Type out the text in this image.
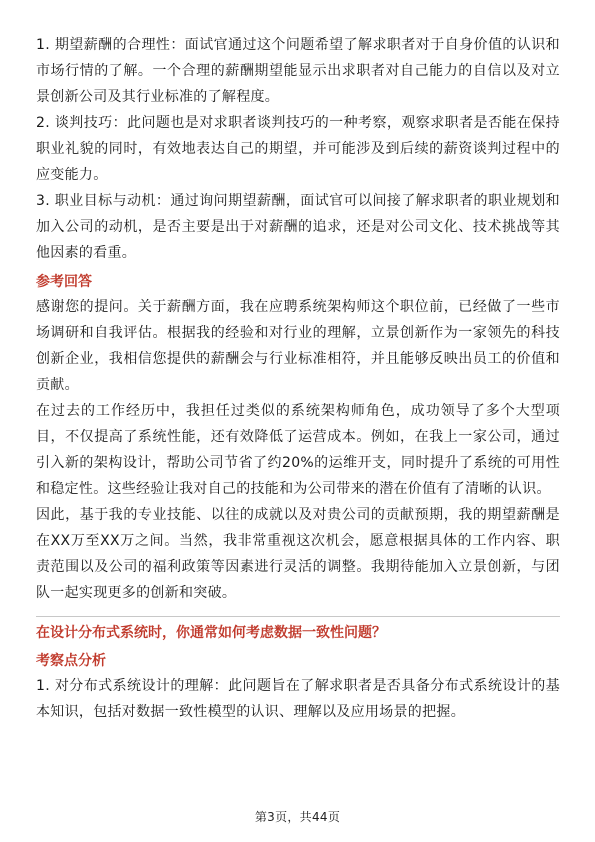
1. 期望薪酬的合理性：面试官通过这个问题希望了解求职者对于自身价值的认识和市场行情的了解。一个合理的薪酬期望能显示出求职者对自己能力的自信以及对立景创新公司及其行业标准的了解程度。

2. 谈判技巧：此问题也是对求职者谈判技巧的一种考察，观察求职者是否能在保持职业礼貌的同时，有效地表达自己的期望，并可能涉及到后续的薪资谈判过程中的应变能力。

3. 职业目标与动机：通过询问期望薪酬，面试官可以间接了解求职者的职业规划和加入公司的动机，是否主要是出于对薪酬的追求，还是对公司文化、技术挑战等其他因素的看重。

参考回答

感谢您的提问。关于薪酬方面，我在应聘系统架构师这个职位前，已经做了一些市场调研和自我评估。根据我的经验和对行业的理解，立景创新作为一家领先的科技创新企业，我相信您提供的薪酬会与行业标准相符，并且能够反映出员工的价值和贡献。

在过去的工作经历中，我担任过类似的系统架构师角色，成功领导了多个大型项目，不仅提高了系统性能，还有效降低了运营成本。例如，在我上一家公司，通过引入新的架构设计，帮助公司节省了约20%的运维开支，同时提升了系统的可用性和稳定性。这些经验让我对自己的技能和为公司带来的潜在价值有了清晰的认识。

因此，基于我的专业技能、以往的成就以及对贵公司的贡献预期，我的期望薪酬是在XX万至XX万之间。当然，我非常重视这次机会，愿意根据具体的工作内容、职责范围以及公司的福利政策等因素进行灵活的调整。我期待能加入立景创新，与团队一起实现更多的创新和突破。

在设计分布式系统时，你通常如何考虑数据一致性问题？
考察点分析

1. 对分布式系统设计的理解：此问题旨在了解求职者是否具备分布式系统设计的基本知识，包括对数据一致性模型的认识、理解以及应用场景的把握。

第3页，共44页
